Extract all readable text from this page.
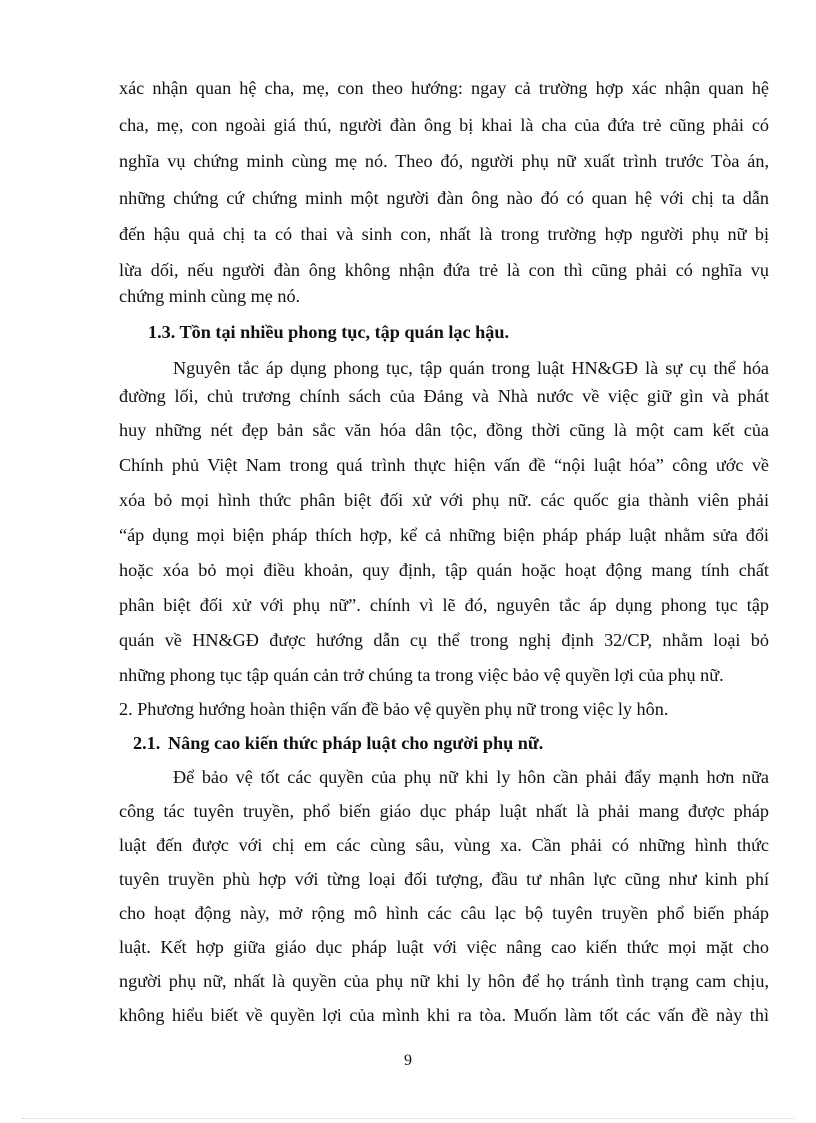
xác nhận quan hệ cha, mẹ, con theo hướng: ngay cả trường hợp xác nhận quan hệ
cha, mẹ, con ngoài giá thú, người đàn ông bị khai là cha của đứa trẻ cũng phải có
nghĩa vụ chứng minh cùng mẹ nó. Theo đó, người phụ nữ xuất trình trước Tòa án,
những chứng cứ chứng minh một người đàn ông nào đó có quan hệ với chị ta dẫn
đến hậu quả chị ta có thai và sinh con, nhất là trong trường hợp người phụ nữ bị
lừa dối, nếu người đàn ông không nhận đứa trẻ là con thì cũng phải có nghĩa vụ
chứng minh cùng mẹ nó.
1.3. Tồn tại nhiều phong tục, tập quán lạc hậu.
Nguyên tắc áp dụng phong tục, tập quán trong luật HN&GĐ là sự cụ thể hóa
đường lối, chủ trương chính sách của Đảng và Nhà nước về việc giữ gìn và phát
huy những nét đẹp bản sắc văn hóa dân tộc, đồng thời cũng là một cam kết của
Chính phủ Việt Nam trong quá trình thực hiện vấn đề “nội luật hóa” công ước về
xóa bỏ mọi hình thức phân biệt đối xử với phụ nữ. các quốc gia thành viên phải
“áp dụng mọi biện pháp thích hợp, kể cả những biện pháp pháp luật nhằm sửa đổi
hoặc xóa bỏ mọi điều khoản, quy định, tập quán hoặc hoạt động mang tính chất
phân biệt đối xử với phụ nữ”. chính vì lẽ đó, nguyên tắc áp dụng phong tục tập
quán về HN&GĐ được hướng dẫn cụ thể trong nghị định 32/CP, nhằm loại bỏ
những phong tục tập quán cản trở chúng ta trong việc bảo vệ quyền lợi của phụ nữ.
2. Phương hướng hoàn thiện vấn đề bảo vệ quyền phụ nữ trong việc ly hôn.
2.1. Nâng cao kiến thức pháp luật cho người phụ nữ.
Để bảo vệ tốt các quyền của phụ nữ khi ly hôn cần phải đẩy mạnh hơn nữa
công tác tuyên truyền, phổ biến giáo dục pháp luật nhất là phải mang được pháp
luật đến được với chị em các cùng sâu, vùng xa. Cần phải có những hình thức
tuyên truyền phù hợp với từng loại đối tượng, đầu tư nhân lực cũng như kinh phí
cho hoạt động này, mở rộng mô hình các câu lạc bộ tuyên truyền phổ biến pháp
luật. Kết hợp giữa giáo dục pháp luật với việc nâng cao kiến thức mọi mặt cho
người phụ nữ, nhất là quyền của phụ nữ khi ly hôn để họ tránh tình trạng cam chịu,
không hiểu biết về quyền lợi của mình khi ra tòa. Muốn làm tốt các vấn đề này thì
9
